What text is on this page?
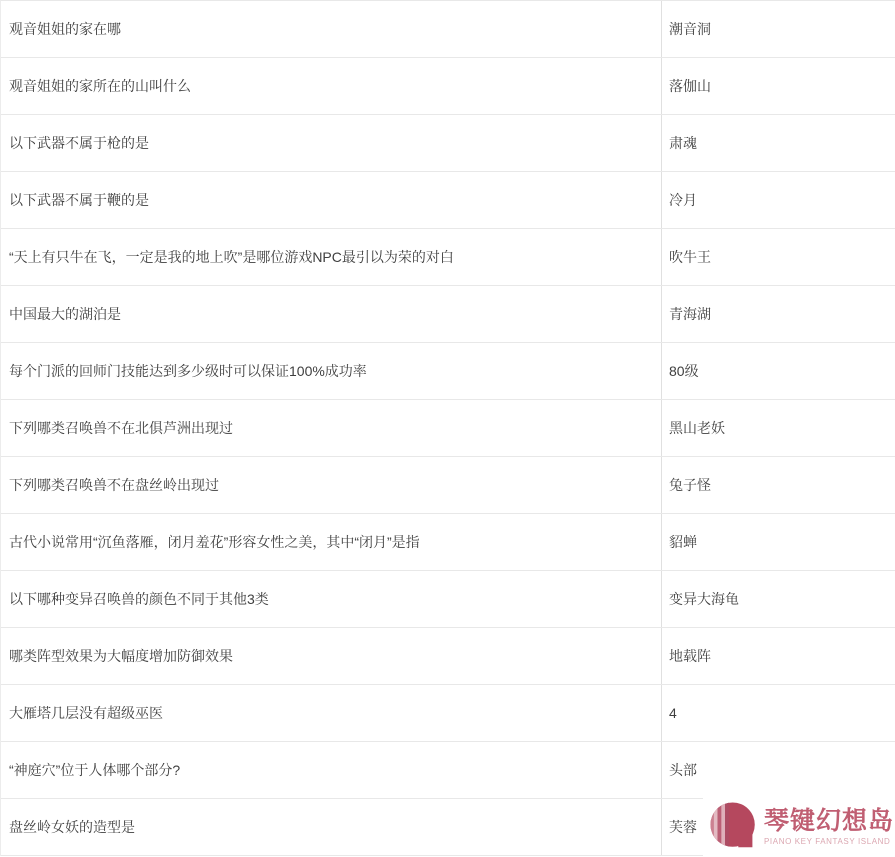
观音姐姐的家在哪	潮音洞
观音姐姐的家所在的山叫什么	落伽山
以下武器不属于枪的是	肃魂
以下武器不属于鞭的是	冷月
“天上有只牛在飞，一定是我的地上吹”是哪位游戏NPC最引以为荣的对白	吹牛王
中国最大的湖泊是	青海湖
每个门派的回师门技能达到多少级时可以保证100%成功率	80级
下列哪类召唤兽不在北俱芦洲出现过	黑山老妖
下列哪类召唤兽不在盘丝岭出现过	兔子怪
古代小说常用“沉鱼落雁，闭月羞花”形容女性之美，其中“闭月”是指	貂蝉
以下哪种变异召唤兽的颜色不同于其他3类	变异大海龟
哪类阵型效果为大幅度增加防御效果	地载阵
大雁塔几层没有超级巫医	4
“神庭穴”位于人体哪个部分?	头部
盘丝岭女妖的造型是	芙蓉	琴键幻想岛
PIANO KEY FANTASY ISLAND
